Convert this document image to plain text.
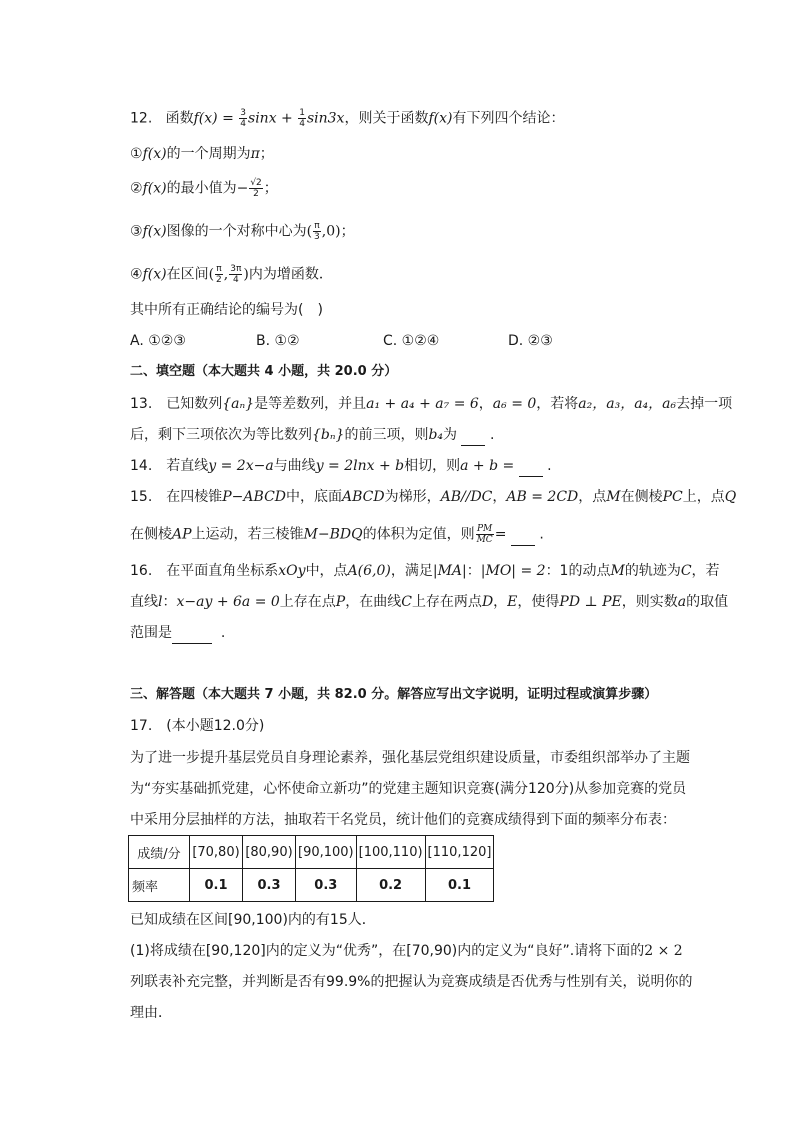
12. 函数$f(x) = \frac{3}{4}$ $\sin x + \frac{1}{4} \sin 3x$，则关于函数f(x)有下列四个结论：
①f(x)的一个周期为π；
②f(x)的最小值为− $\frac{√2}{2}$ ；
③f(x)图像的一个对称中心为( $\frac{\pi}{3} ,0$)；
④f(x)在区间( $\frac{\pi}{2}$ , $\frac{3\pi}{4}$ )内为增函数．
其中所有正确结论的编号为(　)
A. ①②③	B. ①②	C. ①②④	D. ②③
二、填空题（本大题共 4 小题，共 20.0 分）
13.　已知数列{aₙ}是等差数列，并且a₁ + a₄ + a₇ = 6，a₆ = 0，若将a₂，a₃，a₄，a₆去掉一项
后，剩下三项依次为等比数列{bₙ}的前三项，则b₄为 .
14.　若直线y = 2x−a与曲线y = 2lnx + b相切，则a + b = .
15.　在四棱锥P−ABCD中，底面ABCD为梯形，AB//DC，AB = 2CD，点M在侧棱PC上，点Q
在侧棱AP上运动，若三棱锥M−BDQ的体积为定值，则 $\frac{PM}{MC}$ = .
16.　在平面直角坐标系xOy中，点A(6,0)，满足|MA|：|MO| = 2：1的动点M的轨迹为C，若
直线l：x−ay + 6a = 0上存在点P，在曲线C上存在两点D，E，使得PD ⊥ PE，则实数a的取值
范围是	.
三、解答题（本大题共 7 小题，共 82.0 分。解答应写出文字说明，证明过程或演算步骤）
17.　(本小题12.0分)
为了进一步提升基层党员自身理论素养，强化基层党组织建设质量，市委组织部举办了主题
为“夯实基础抓党建，心怀使命立新功”的党建主题知识竞赛(满分120分)从参加竞赛的党员
中采用分层抽样的方法，抽取若干名党员，统计他们的竞赛成绩得到下面的频率分布表：
成绩/分	[70,80)	[80,90)	[90,100)	[100,110)	[110,120]
频率	0.1	0.3	0.3	0.2	0.1
已知成绩在区间[90,100)内的有15人．
(1)将成绩在[90,120]内的定义为“优秀”，在[70,90)内的定义为“良好”.请将下面的2 × 2
列联表补充完整，并判断是否有99.9%的把握认为竞赛成绩是否优秀与性别有关，说明你的
理由．
